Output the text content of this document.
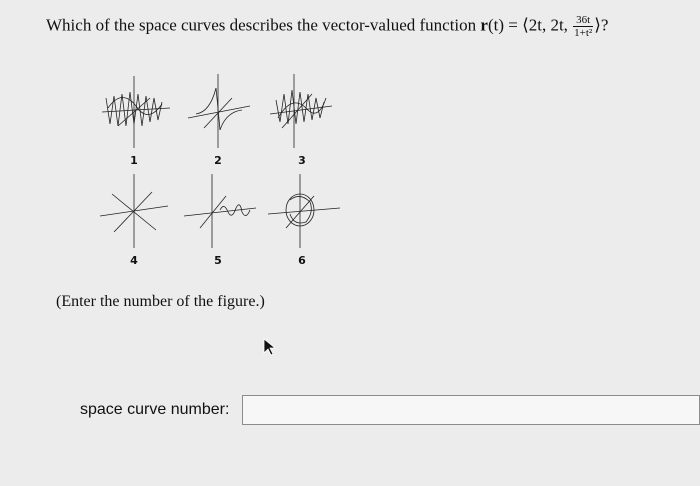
Which of the space curves describes the vector-valued function r(t) = ⟨2t, 2t, $\frac{36t}{\text{1+t²}}$ ⟩?
1	2	3
4	5	6
(Enter the number of the figure.)
space curve number:
